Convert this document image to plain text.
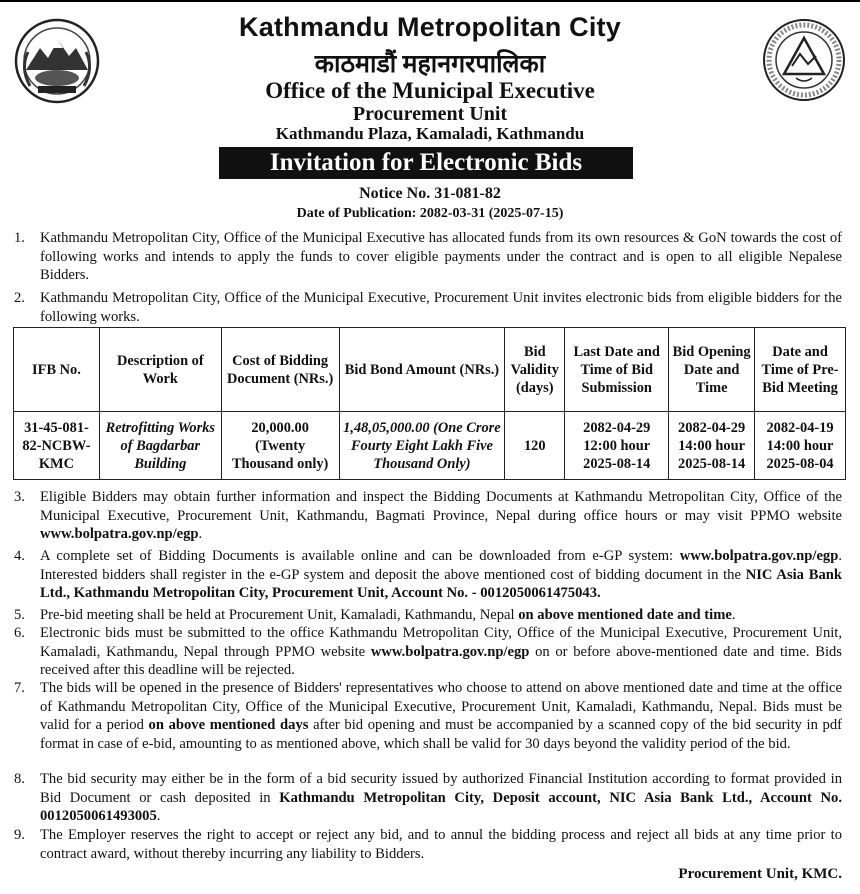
Kathmandu Metropolitan City
काठमाडौं महानगरपालिका
Office of the Municipal Executive
Procurement Unit
Kathmandu Plaza, Kamaladi, Kathmandu
Invitation for Electronic Bids
Notice No. 31-081-82
Date of Publication: 2082-03-31 (2025-07-15)
1. Kathmandu Metropolitan City, Office of the Municipal Executive has allocated funds from its own resources & GoN towards the cost of following works and intends to apply the funds to cover eligible payments under the contract and is open to all eligible Nepalese Bidders.
2. Kathmandu Metropolitan City, Office of the Municipal Executive, Procurement Unit invites electronic bids from eligible bidders for the following works.
IFB No.	Description of Work	Cost of Bidding Document (NRs.)	Bid Bond Amount (NRs.)	Bid Validity (days)	Last Date and Time of Bid Submission	Bid Opening Date and Time	Date and Time of Pre-Bid Meeting
31-45-081-82-NCBW-KMC	Retrofitting Works of Bagdarbar Building	20,000.00 (Twenty Thousand only)	1,48,05,000.00 (One Crore Fourty Eight Lakh Five Thousand Only)	120	2082-04-29 12:00 hour 2025-08-14	2082-04-29 14:00 hour 2025-08-14	2082-04-19 14:00 hour 2025-08-04
3. Eligible Bidders may obtain further information and inspect the Bidding Documents at Kathmandu Metropolitan City, Office of the Municipal Executive, Procurement Unit, Kathmandu, Bagmati Province, Nepal during office hours or may visit PPMO website www.bolpatra.gov.np/egp.
4. A complete set of Bidding Documents is available online and can be downloaded from e-GP system: www.bolpatra.gov.np/egp. Interested bidders shall register in the e-GP system and deposit the above mentioned cost of bidding document in the NIC Asia Bank Ltd., Kathmandu Metropolitan City, Procurement Unit, Account No. - 0012050061475043.
5. Pre-bid meeting shall be held at Procurement Unit, Kamaladi, Kathmandu, Nepal on above mentioned date and time.
6. Electronic bids must be submitted to the office Kathmandu Metropolitan City, Office of the Municipal Executive, Procurement Unit, Kamaladi, Kathmandu, Nepal through PPMO website www.bolpatra.gov.np/egp on or before above-mentioned date and time. Bids received after this deadline will be rejected.
7. The bids will be opened in the presence of Bidders' representatives who choose to attend on above mentioned date and time at the office of Kathmandu Metropolitan City, Office of the Municipal Executive, Procurement Unit, Kamaladi, Kathmandu, Nepal. Bids must be valid for a period on above mentioned days after bid opening and must be accompanied by a scanned copy of the bid security in pdf format in case of e-bid, amounting to as mentioned above, which shall be valid for 30 days beyond the validity period of the bid.
8. The bid security may either be in the form of a bid security issued by authorized Financial Institution according to format provided in Bid Document or cash deposited in Kathmandu Metropolitan City, Deposit account, NIC Asia Bank Ltd., Account No. 0012050061493005.
9. The Employer reserves the right to accept or reject any bid, and to annul the bidding process and reject all bids at any time prior to contract award, without thereby incurring any liability to Bidders.
Procurement Unit, KMC.
